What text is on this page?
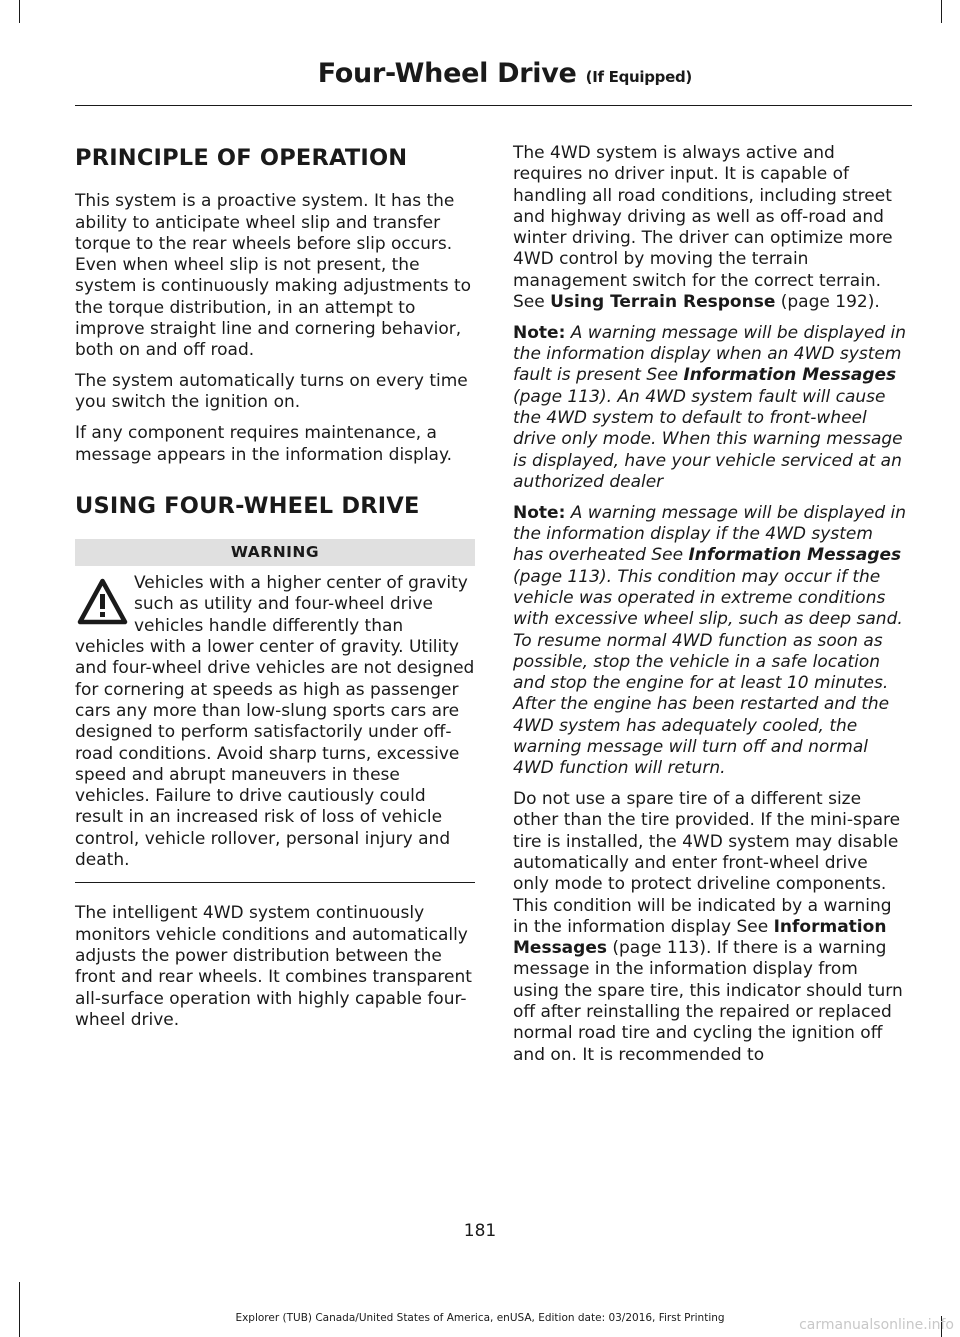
Four-Wheel Drive (If Equipped)
PRINCIPLE OF OPERATION

This system is a proactive system. It has the ability to anticipate wheel slip and transfer torque to the rear wheels before slip occurs. Even when wheel slip is not present, the system is continuously making adjustments to the torque distribution, in an attempt to improve straight line and cornering behavior, both on and off road.

The system automatically turns on every time you switch the ignition on.

If any component requires maintenance, a message appears in the information display.

USING FOUR-WHEEL DRIVE
WARNING
Vehicles with a higher center of gravity such as utility and four-wheel drive vehicles handle differently than vehicles with a lower center of gravity. Utility and four-wheel drive vehicles are not designed for cornering at speeds as high as passenger cars any more than low-slung sports cars are designed to perform satisfactorily under off-road conditions. Avoid sharp turns, excessive speed and abrupt maneuvers in these vehicles. Failure to drive cautiously could result in an increased risk of loss of vehicle control, vehicle rollover, personal injury and death.

The intelligent 4WD system continuously monitors vehicle conditions and automatically adjusts the power distribution between the front and rear wheels. It combines transparent all-surface operation with highly capable four-wheel drive.

The 4WD system is always active and requires no driver input. It is capable of handling all road conditions, including street and highway driving as well as off-road and winter driving. The driver can optimize more 4WD control by moving the terrain management switch for the correct terrain. See Using Terrain Response (page 192).

Note: A warning message will be displayed in the information display when an 4WD system fault is present See Information Messages (page 113). An 4WD system fault will cause the 4WD system to default to front-wheel drive only mode. When this warning message is displayed, have your vehicle serviced at an authorized dealer

Note: A warning message will be displayed in the information display if the 4WD system has overheated See Information Messages (page 113). This condition may occur if the vehicle was operated in extreme conditions with excessive wheel slip, such as deep sand. To resume normal 4WD function as soon as possible, stop the vehicle in a safe location and stop the engine for at least 10 minutes. After the engine has been restarted and the 4WD system has adequately cooled, the warning message will turn off and normal 4WD function will return.

Do not use a spare tire of a different size other than the tire provided. If the mini-spare tire is installed, the 4WD system may disable automatically and enter front-wheel drive only mode to protect driveline components. This condition will be indicated by a warning in the information display See Information Messages (page 113). If there is a warning message in the information display from using the spare tire, this indicator should turn off after reinstalling the repaired or replaced normal road tire and cycling the ignition off and on. It is recommended to

181
Explorer (TUB) Canada/United States of America, enUSA, Edition date: 03/2016, First Printing	carmanualsonline.info
